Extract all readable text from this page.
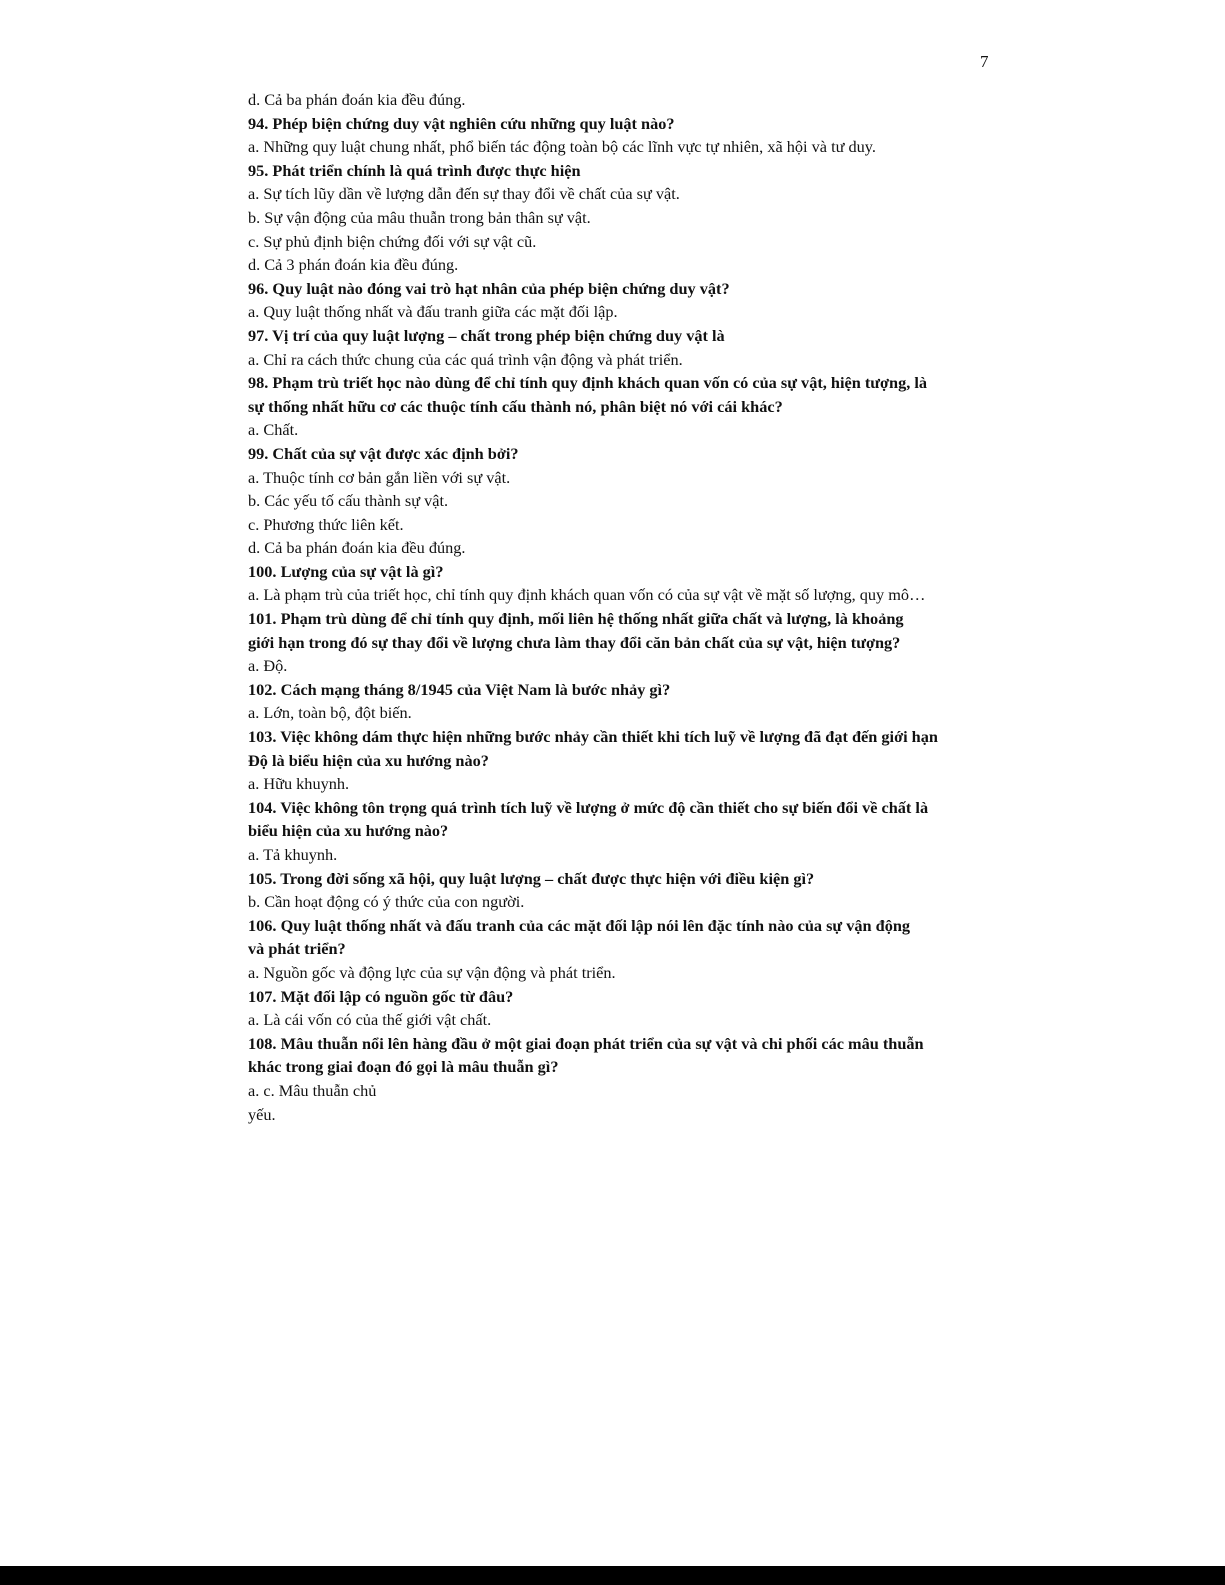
7
d. Cả ba phán đoán kia đều đúng.
94. Phép biện chứng duy vật nghiên cứu những quy luật nào?
a. Những quy luật chung nhất, phổ biến tác động toàn bộ các lĩnh vực tự nhiên, xã hội và tư duy.
95. Phát triển chính là quá trình được thực hiện
a. Sự tích lũy dần về lượng dẫn đến sự thay đổi về chất của sự vật.
b. Sự vận động của mâu thuẫn trong bản thân sự vật.
c. Sự phủ định biện chứng đối với sự vật cũ.
d. Cả 3 phán đoán kia đều đúng.
96. Quy luật nào đóng vai trò hạt nhân của phép biện chứng duy vật?
a. Quy luật thống nhất và đấu tranh giữa các mặt đối lập.
97. Vị trí của quy luật lượng – chất trong phép biện chứng duy vật là
a. Chỉ ra cách thức chung của các quá trình vận động và phát triển.
98. Phạm trù triết học nào dùng để chỉ tính quy định khách quan vốn có của sự vật, hiện tượng, là
sự thống nhất hữu cơ các thuộc tính cấu thành nó, phân biệt nó với cái khác?
a. Chất.
99. Chất của sự vật được xác định bởi?
a. Thuộc tính cơ bản gắn liền với sự vật.
b. Các yếu tố cấu thành sự vật.
c. Phương thức liên kết.
d. Cả ba phán đoán kia đều đúng.
100. Lượng của sự vật là gì?
a. Là phạm trù của triết học, chỉ tính quy định khách quan vốn có của sự vật về mặt số lượng, quy mô…
101. Phạm trù dùng để chỉ tính quy định, mối liên hệ thống nhất giữa chất và lượng, là khoảng
giới hạn trong đó sự thay đổi về lượng chưa làm thay đổi căn bản chất của sự vật, hiện tượng?
a. Độ.
102. Cách mạng tháng 8/1945 của Việt Nam là bước nhảy gì?
a. Lớn, toàn bộ, đột biến.
103. Việc không dám thực hiện những bước nhảy cần thiết khi tích luỹ về lượng đã đạt đến giới hạn
Độ là biểu hiện của xu hướng nào?
a. Hữu khuynh.
104. Việc không tôn trọng quá trình tích luỹ về lượng ở mức độ cần thiết cho sự biến đổi về chất là
biểu hiện của xu hướng nào?
a. Tả khuynh.
105. Trong đời sống xã hội, quy luật lượng – chất được thực hiện với điều kiện gì?
b. Cần hoạt động có ý thức của con người.
106. Quy luật thống nhất và đấu tranh của các mặt đối lập nói lên đặc tính nào của sự vận động
và phát triển?
a. Nguồn gốc và động lực của sự vận động và phát triển.
107. Mặt đối lập có nguồn gốc từ đâu?
a. Là cái vốn có của thế giới vật chất.
108. Mâu thuẫn nổi lên hàng đầu ở một giai đoạn phát triển của sự vật và chi phối các mâu thuẫn
khác trong giai đoạn đó gọi là mâu thuẫn gì?
a. c. Mâu thuẫn chủ
yếu.
